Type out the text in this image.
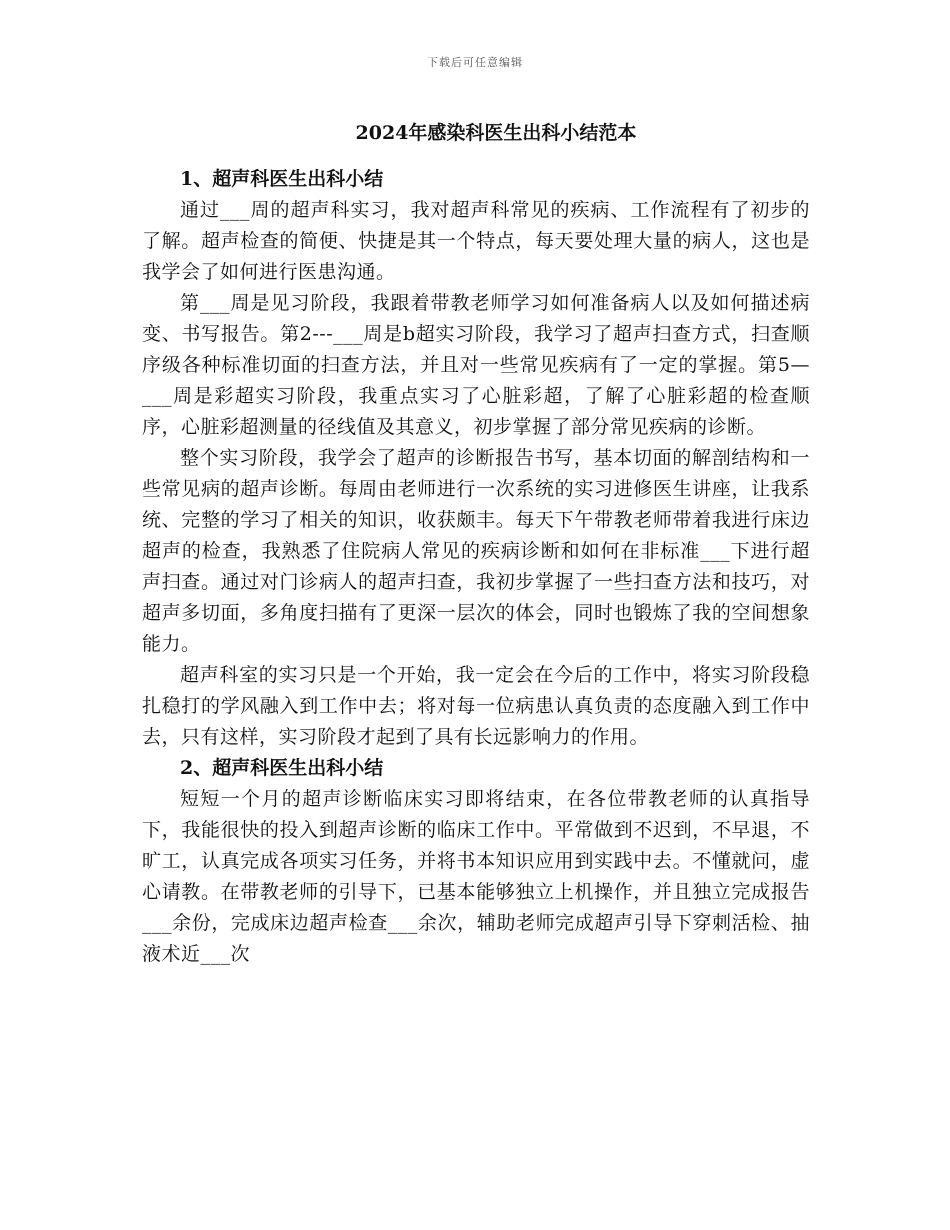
下载后可任意编辑
2024年感染科医生出科小结范本

1、超声科医生出科小结

通过___周的超声科实习，我对超声科常见的疾病、工作流程有了初步的了解。超声检查的简便、快捷是其一个特点，每天要处理大量的病人，这也是我学会了如何进行医患沟通。

第___周是见习阶段，我跟着带教老师学习如何准备病人以及如何描述病变、书写报告。第2---___周是b超实习阶段，我学习了超声扫查方式，扫查顺序级各种标准切面的扫查方法，并且对一些常见疾病有了一定的掌握。第5—___周是彩超实习阶段，我重点实习了心脏彩超，了解了心脏彩超的检查顺序，心脏彩超测量的径线值及其意义，初步掌握了部分常见疾病的诊断。

整个实习阶段，我学会了超声的诊断报告书写，基本切面的解剖结构和一些常见病的超声诊断。每周由老师进行一次系统的实习进修医生讲座，让我系统、完整的学习了相关的知识，收获颇丰。每天下午带教老师带着我进行床边超声的检查，我熟悉了住院病人常见的疾病诊断和如何在非标准___下进行超声扫查。通过对门诊病人的超声扫查，我初步掌握了一些扫查方法和技巧，对超声多切面，多角度扫描有了更深一层次的体会，同时也锻炼了我的空间想象能力。

超声科室的实习只是一个开始，我一定会在今后的工作中，将实习阶段稳扎稳打的学风融入到工作中去；将对每一位病患认真负责的态度融入到工作中去，只有这样，实习阶段才起到了具有长远影响力的作用。

2、超声科医生出科小结

短短一个月的超声诊断临床实习即将结束，在各位带教老师的认真指导下，我能很快的投入到超声诊断的临床工作中。平常做到不迟到，不早退，不旷工，认真完成各项实习任务，并将书本知识应用到实践中去。不懂就问，虚心请教。在带教老师的引导下，已基本能够独立上机操作，并且独立完成报告___余份，完成床边超声检查___余次，辅助老师完成超声引导下穿刺活检、抽液术近___次
